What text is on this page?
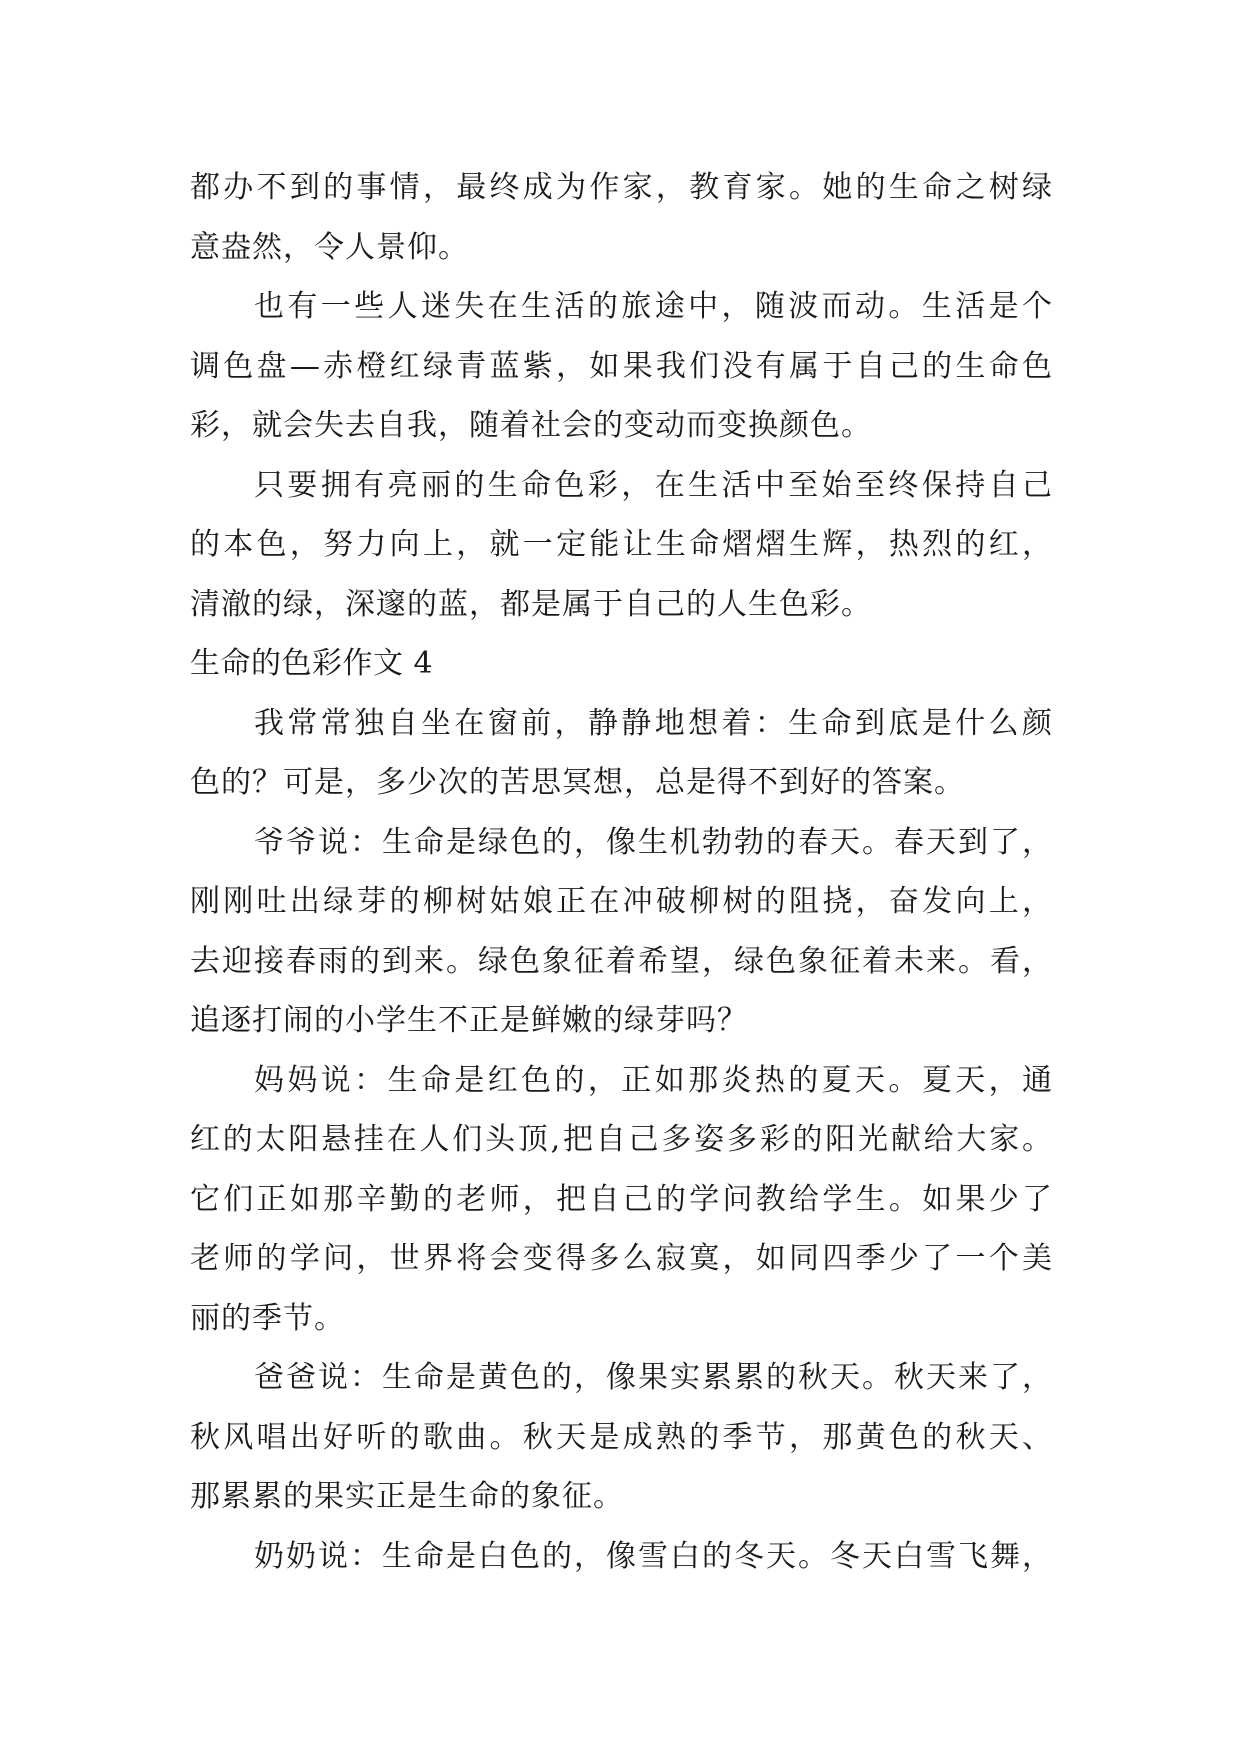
都办不到的事情，最终成为作家，教育家。她的生命之树绿
意盎然，令人景仰。
也有一些人迷失在生活的旅途中，随波而动。生活是个
调色盘—赤橙红绿青蓝紫，如果我们没有属于自己的生命色
彩，就会失去自我，随着社会的变动而变换颜色。
只要拥有亮丽的生命色彩，在生活中至始至终保持自己
的本色，努力向上，就一定能让生命熠熠生辉，热烈的红，
清澈的绿，深邃的蓝，都是属于自己的人生色彩。
生命的色彩作文 4
我常常独自坐在窗前，静静地想着：生命到底是什么颜
色的？可是，多少次的苦思冥想，总是得不到好的答案。
爷爷说：生命是绿色的，像生机勃勃的春天。春天到了，
刚刚吐出绿芽的柳树姑娘正在冲破柳树的阻挠，奋发向上，
去迎接春雨的到来。绿色象征着希望，绿色象征着未来。看，
追逐打闹的小学生不正是鲜嫩的绿芽吗？
妈妈说：生命是红色的，正如那炎热的夏天。夏天，通
红的太阳悬挂在人们头顶,把自己多姿多彩的阳光献给大家。
它们正如那辛勤的老师，把自己的学问教给学生。如果少了
老师的学问，世界将会变得多么寂寞，如同四季少了一个美
丽的季节。
爸爸说：生命是黄色的，像果实累累的秋天。秋天来了，
秋风唱出好听的歌曲。秋天是成熟的季节，那黄色的秋天、
那累累的果实正是生命的象征。
奶奶说：生命是白色的，像雪白的冬天。冬天白雪飞舞，
